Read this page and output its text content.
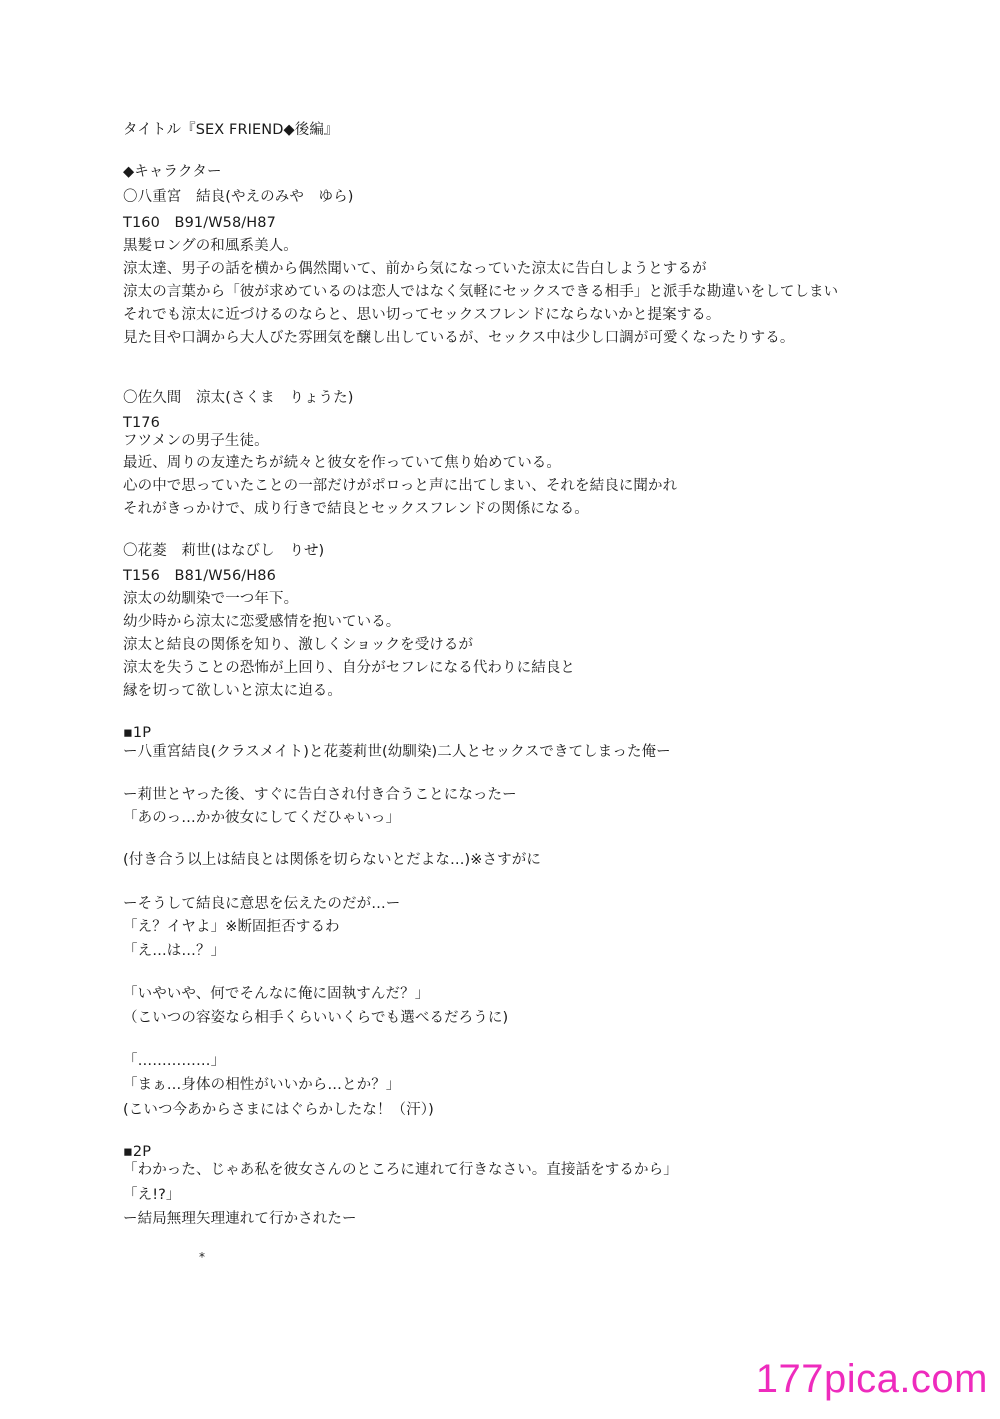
タイトル『SEX FRIEND◆後編』
◆キャラクター
〇八重宮　結良(やえのみや　ゆら)
T160　B91/W58/H87
黒髪ロングの和風系美人。
涼太達、男子の話を横から偶然聞いて、前から気になっていた涼太に告白しようとするが
涼太の言葉から「彼が求めているのは恋人ではなく気軽にセックスできる相手」と派手な勘違いをしてしまい
それでも涼太に近づけるのならと、思い切ってセックスフレンドにならないかと提案する。
見た目や口調から大人びた雰囲気を醸し出しているが、セックス中は少し口調が可愛くなったりする。
〇佐久間　涼太(さくま　りょうた)
T176
フツメンの男子生徒。
最近、周りの友達たちが続々と彼女を作っていて焦り始めている。
心の中で思っていたことの一部だけがポロっと声に出てしまい、それを結良に聞かれ
それがきっかけで、成り行きで結良とセックスフレンドの関係になる。
〇花菱　莉世(はなびし　りせ)
T156　B81/W56/H86
涼太の幼馴染で一つ年下。
幼少時から涼太に恋愛感情を抱いている。
涼太と結良の関係を知り、激しくショックを受けるが
涼太を失うことの恐怖が上回り、自分がセフレになる代わりに結良と
縁を切って欲しいと涼太に迫る。
▪1P
ー八重宮結良(クラスメイト)と花菱莉世(幼馴染)二人とセックスできてしまった俺ー
ー莉世とヤった後、すぐに告白され付き合うことになったー
「あのっ…かか彼女にしてくだひゃいっ」
(付き合う以上は結良とは関係を切らないとだよな…)※さすがに
ーそうして結良に意思を伝えたのだが…ー
「え？イヤよ」※断固拒否するわ
「え…は…？」
「いやいや、何でそんなに俺に固執すんだ？」
（こいつの容姿なら相手くらいいくらでも選べるだろうに)
「……………」
「まぁ…身体の相性がいいから…とか？」
(こいつ今あからさまにはぐらかしたな！（汗）)
▪2P
「わかった、じゃあ私を彼女さんのところに連れて行きなさい。直接話をするから」
「え!?」
ー結局無理矢理連れて行かされたー
*
177pica.com
